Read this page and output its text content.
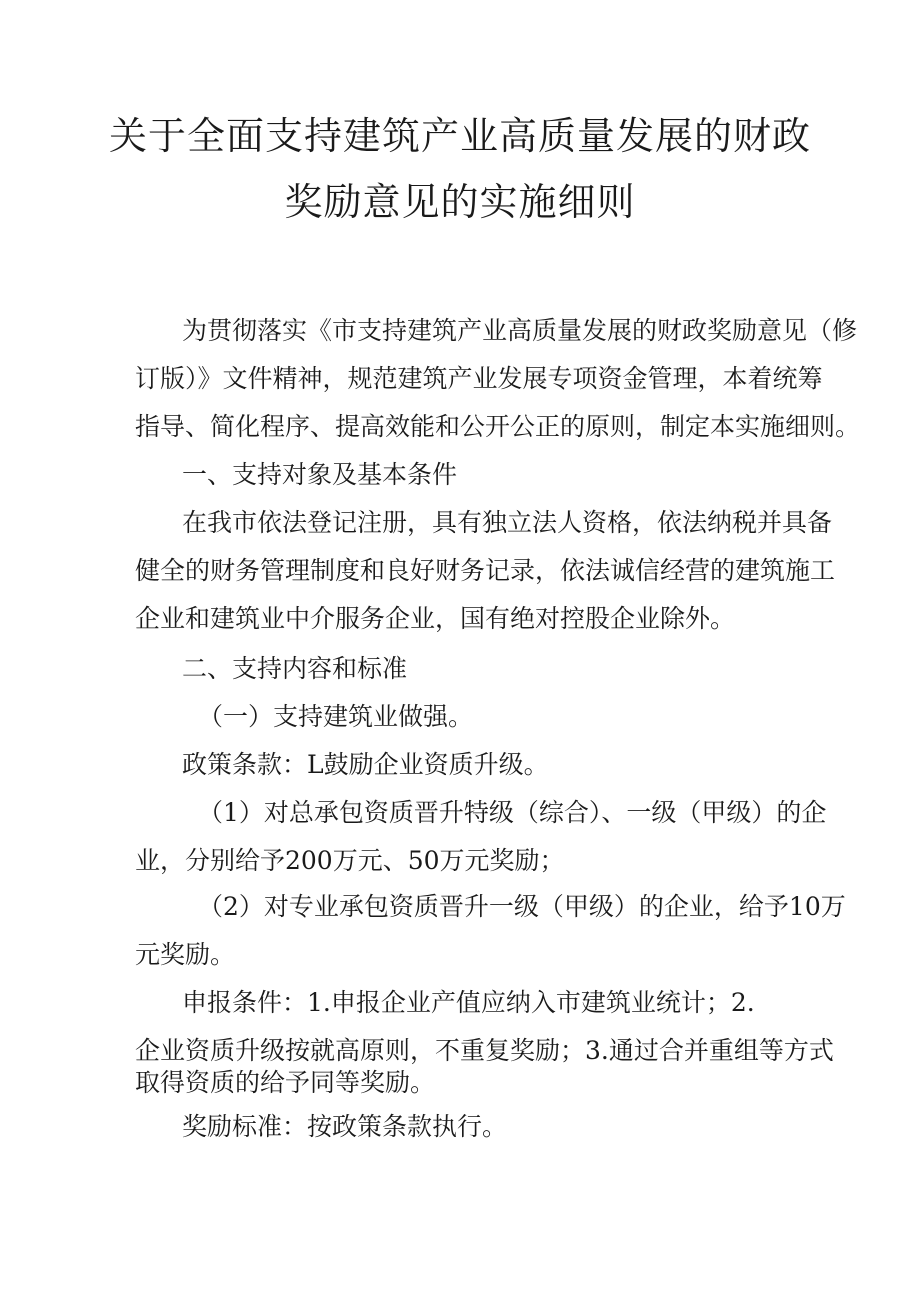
关于全面支持建筑产业高质量发展的财政
奖励意见的实施细则
为贯彻落实《市支持建筑产业高质量发展的财政奖励意见（修
订版）》文件精神，规范建筑产业发展专项资金管理，本着统筹
指导、简化程序、提高效能和公开公正的原则，制定本实施细则。
一、支持对象及基本条件
在我市依法登记注册，具有独立法人资格，依法纳税并具备
健全的财务管理制度和良好财务记录，依法诚信经营的建筑施工
企业和建筑业中介服务企业，国有绝对控股企业除外。
二、支持内容和标准
（一）支持建筑业做强。
政策条款：L鼓励企业资质升级。
（1）对总承包资质晋升特级（综合）、一级（甲级）的企
业，分别给予200万元、50万元奖励；
（2）对专业承包资质晋升一级（甲级）的企业，给予10万
元奖励。
申报条件：1.申报企业产值应纳入市建筑业统计；2.
企业资质升级按就高原则，不重复奖励；3.通过合并重组等方式
取得资质的给予同等奖励。
奖励标准：按政策条款执行。
